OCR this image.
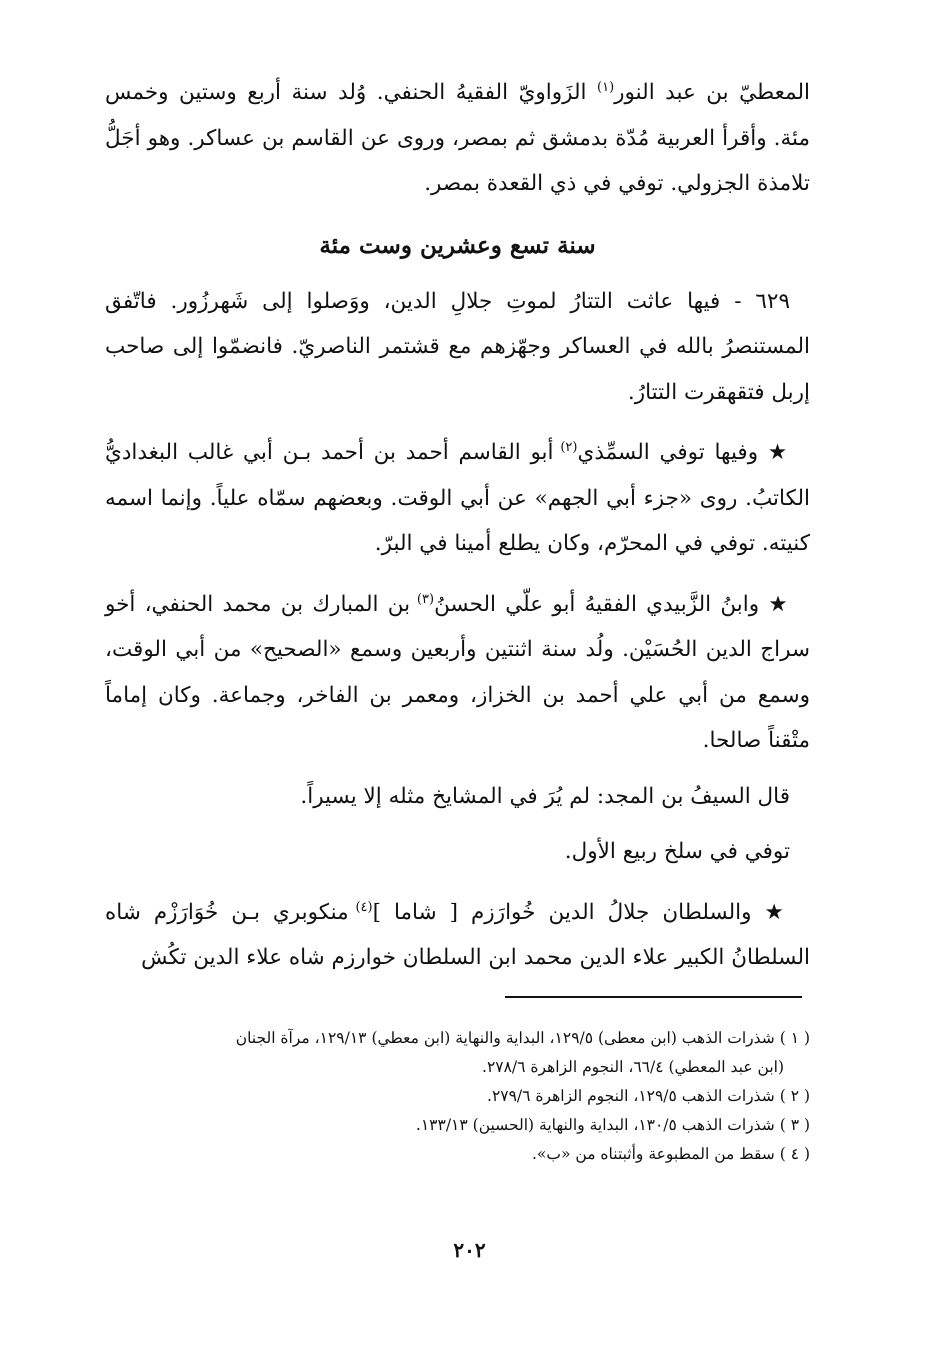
المعطيّ بن عبد النور$^{(١)}$ الزَواويّ الفقيهُ الحنفي. وُلد سنة أربع وستين وخمس مئة. وأقرأ العربية مُدّة بدمشق ثم بمصر، وروى عن القاسم بن عساكر. وهو أجَلُّ تلامذة الجزولي. توفي في ذي القعدة بمصر.

سنة تسع وعشرين وست مئة

٦٢٩ - فيها عاثت التتارُ لموتِ جلالِ الدين، ووَصلوا إلى شَهرزُور. فاتّفق المستنصرُ بالله في العساكر وجهّزهم مع قشتمر الناصريّ. فانضمّوا إلى صاحب إربل فتقهقرت التتارُ.

★ وفيها توفي السمِّذي$^{(٢)}$ أبو القاسم أحمد بن أحمد بـن أبي غالب البغداديُّ الكاتبُ. روى «جزء أبي الجهم» عن أبي الوقت. وبعضهم سمّاه علياً. وإنما اسمه كنيته. توفي في المحرّم، وكان يطلع أمينا في البرّ.

★ وابنُ الزَّبيدي الفقيهُ أبو علّي الحسنُ$^{(٣)}$ بن المبارك بن محمد الحنفي، أخو سراج الدين الحُسَيْن. ولُد سنة اثنتين وأربعين وسمع «الصحيح» من أبي الوقت، وسمع من أبي علي أحمد بن الخزاز، ومعمر بن الفاخر، وجماعة. وكان إماماً متْقناً صالحا.

قال السيفُ بن المجد: لم يُرَ في المشايخ مثله إلا يسيراً.

توفي في سلخ ربيع الأول.

★ والسلطان جلالُ الدين خُوارَزم [ شاما ]$^{(٤)}$ منكوبري بـن خُوَارَزْم شاه السلطانُ الكبير علاء الدين محمد ابن السلطان خوارزم شاه علاء الدين تكُش

( ١ ) شذرات الذهب (ابن معطى) ١٢٩/٥، البداية والنهاية (ابن معطي) ١٢٩/١٣، مرآة الجنان
(ابن عبد المعطي) ٦٦/٤، النجوم الزاهرة ٢٧٨/٦.
( ٢ ) شذرات الذهب ١٢٩/٥، النجوم الزاهرة ٢٧٩/٦.
( ٣ ) شذرات الذهب ١٣٠/٥، البداية والنهاية (الحسين) ١٣٣/١٣.
( ٤ ) سقط من المطبوعة وأثبتناه من «ب».
٢٠٢
